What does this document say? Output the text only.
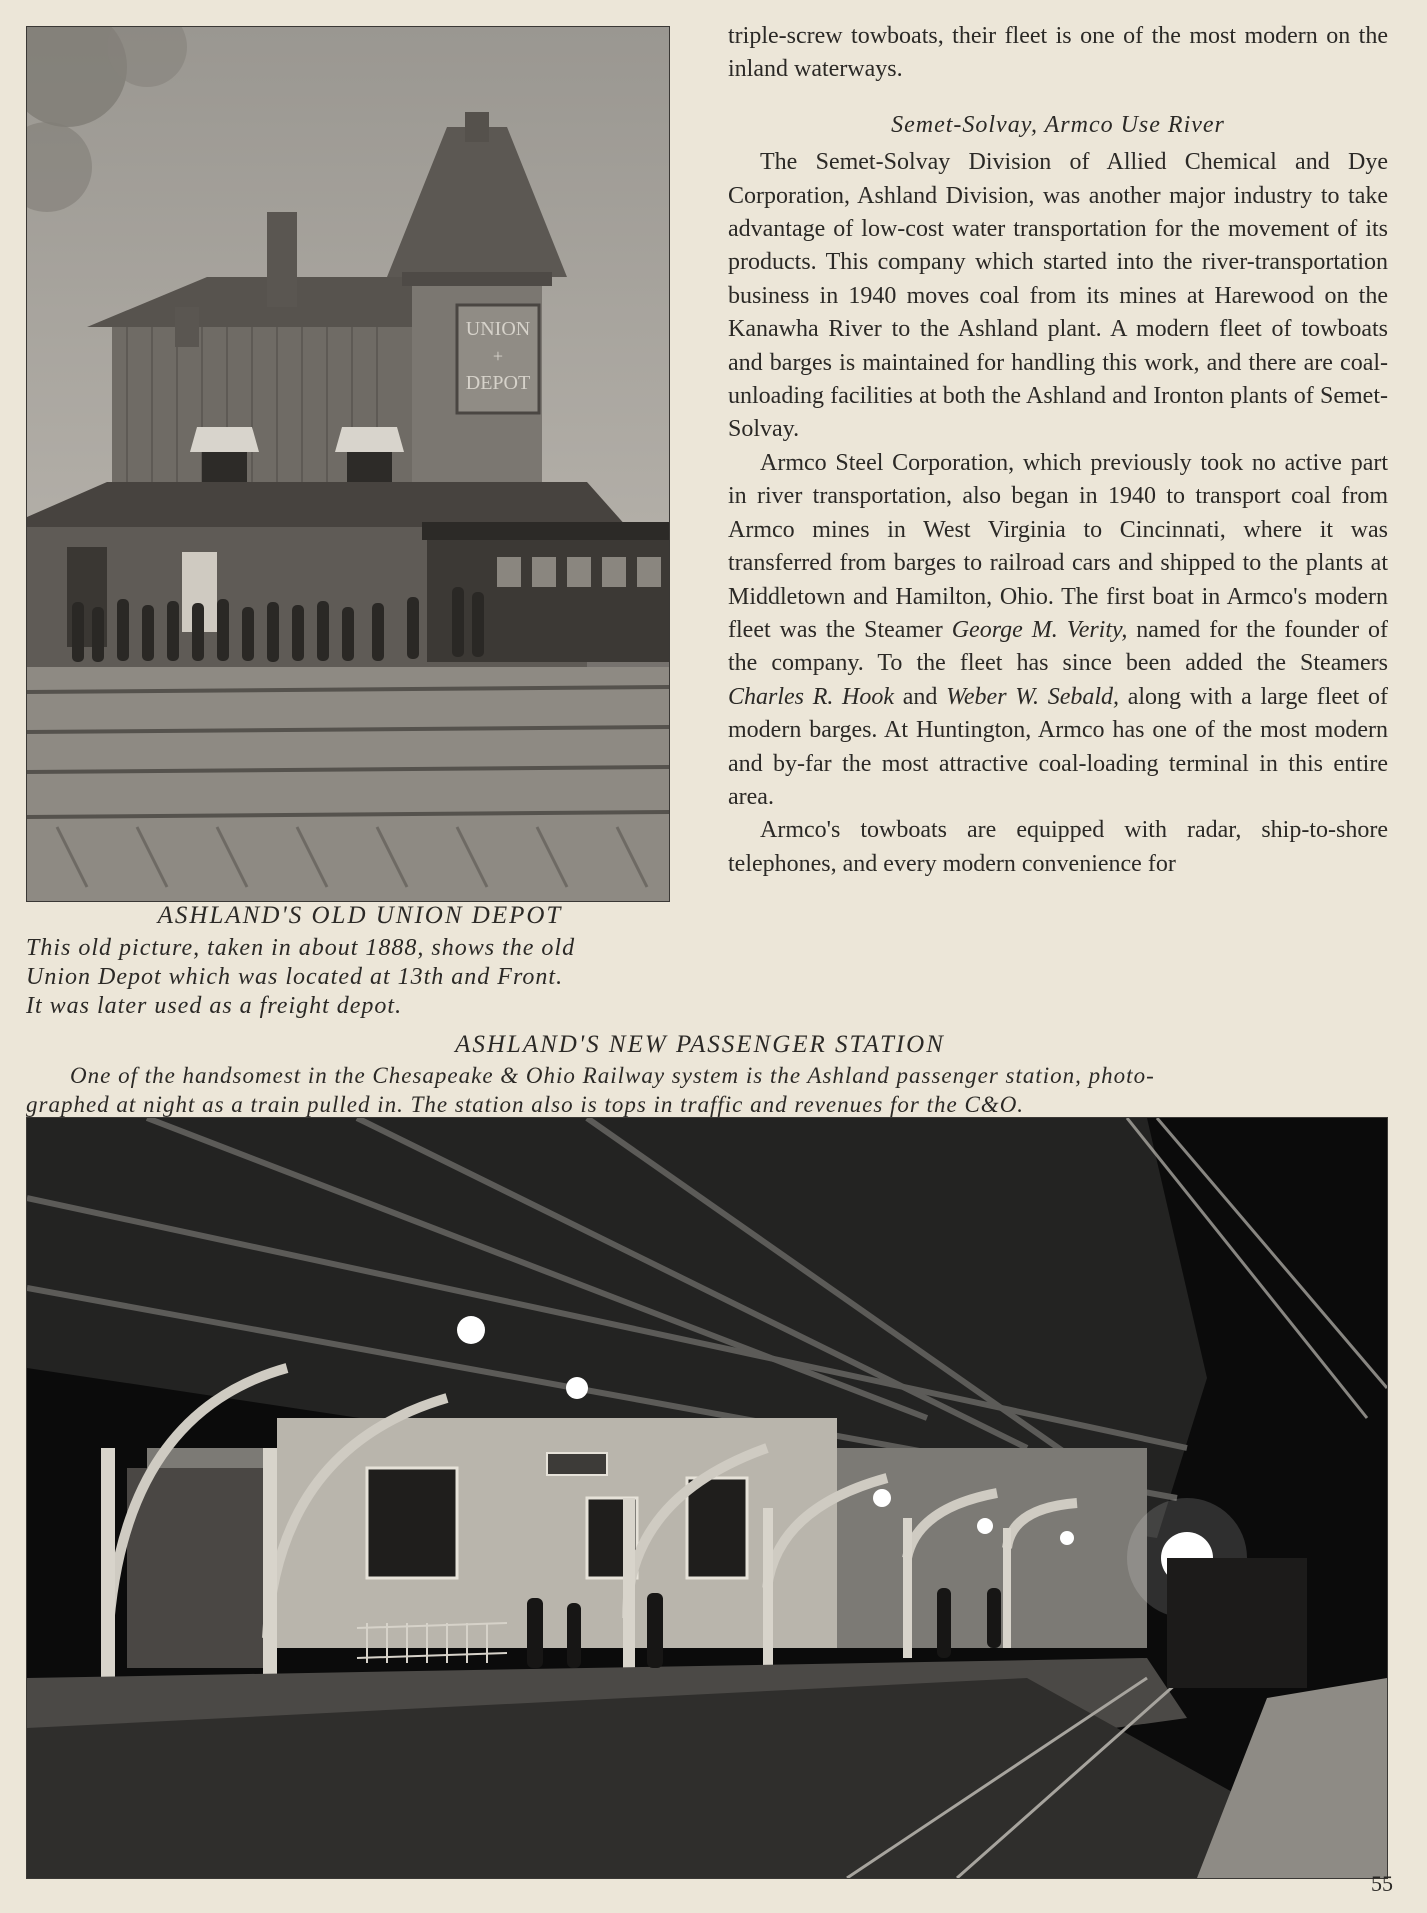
UNION
+
DEPOT
ASHLAND'S OLD UNION DEPOT
This old picture, taken in about 1888, shows the old
Union Depot which was located at 13th and Front.
It was later used as a freight depot.

triple-screw towboats, their fleet is one of the most modern on the inland waterways.

Semet-Solvay, Armco Use River

The Semet-Solvay Division of Allied Chemical and Dye Corporation, Ashland Division, was another major industry to take advantage of low-cost water transportation for the movement of its products. This company which started into the river-transportation business in 1940 moves coal from its mines at Harewood on the Kanawha River to the Ashland plant. A modern fleet of towboats and barges is maintained for handling this work, and there are coal-unloading facilities at both the Ashland and Ironton plants of Semet-Solvay.

Armco Steel Corporation, which previously took no active part in river transportation, also began in 1940 to transport coal from Armco mines in West Virginia to Cincinnati, where it was transferred from barges to railroad cars and shipped to the plants at Middletown and Hamilton, Ohio. The first boat in Armco's modern fleet was the Steamer George M. Verity, named for the founder of the company. To the fleet has since been added the Steamers Charles R. Hook and Weber W. Sebald, along with a large fleet of modern barges. At Huntington, Armco has one of the most modern and by-far the most attractive coal-loading terminal in this entire area.

Armco's towboats are equipped with radar, ship-to-shore telephones, and every modern convenience for

ASHLAND'S NEW PASSENGER STATION
One of the handsomest in the Chesapeake & Ohio Railway system is the Ashland passenger station, photo-
graphed at night as a train pulled in. The station also is tops in traffic and revenues for the C&O.
55
